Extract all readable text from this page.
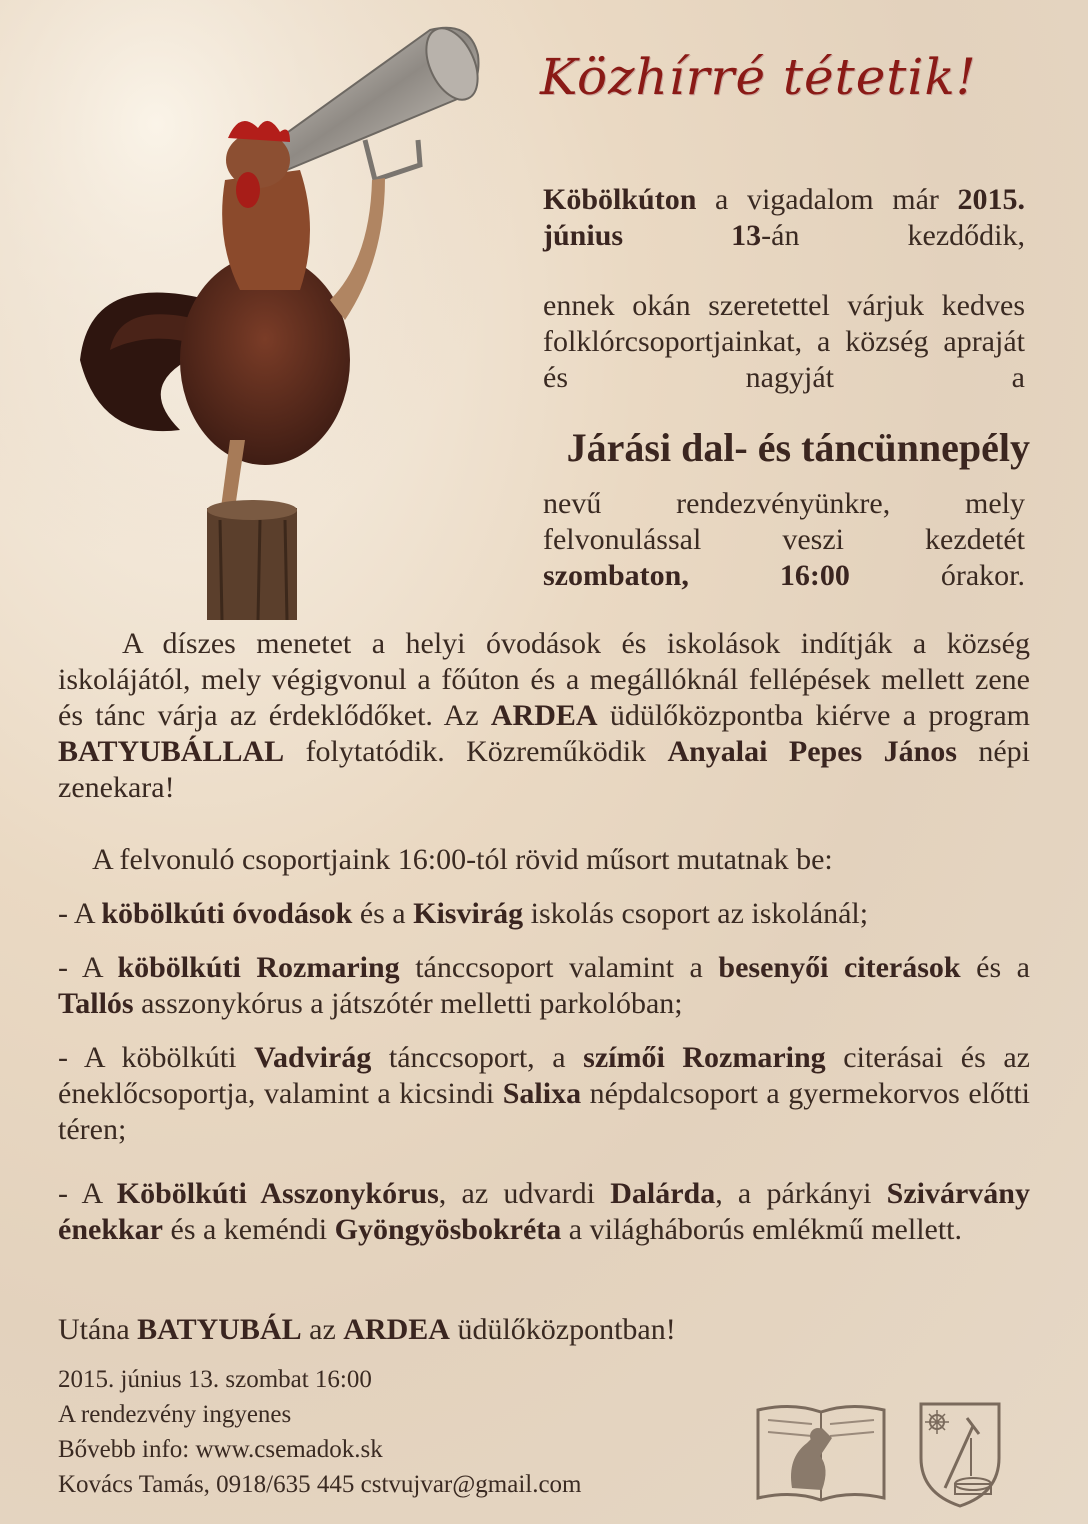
Közhírré tétetik!
Köbölkúton a vigadalom már 2015. június 13-án kezdődik,
ennek okán szeretettel várjuk kedves folklórcsoportjainkat, a község apraját és nagyját a
Járási dal- és táncünnepély
nevű rendezvényünkre, mely felvonulással veszi kezdetét szombaton, 16:00 órakor.
A díszes menetet a helyi óvodások és iskolások indítják a község iskolájától, mely végigvonul a főúton és a megállóknál fellépések mellett zene és tánc várja az érdeklődőket. Az ARDEA üdülőközpontba kiérve a program BATYUBÁLLAL folytatódik. Közreműködik Anyalai Pepes János népi zenekara!
A felvonuló csoportjaink 16:00-tól rövid műsort mutatnak be:
- A köbölkúti óvodások és a Kisvirág iskolás csoport az iskolánál;
- A köbölkúti Rozmaring tánccsoport valamint a besenyői citerások és a Tallós asszonykórus a játszótér melletti parkolóban;
- A köbölkúti Vadvirág tánccsoport, a szímői Rozmaring citerásai és az éneklőcsoportja, valamint a kicsindi Salixa népdalcsoport a gyermekorvos előtti téren;
- A Köbölkúti Asszonykórus, az udvardi Dalárda, a párkányi Szivárvány énekkar és a keméndi Gyöngyösbokréta a világháborús emlékmű mellett.
Utána BATYUBÁL az ARDEA üdülőközpontban!
2015. június 13. szombat 16:00
A rendezvény ingyenes
Bővebb info: www.csemadok.sk
Kovács Tamás, 0918/635 445 cstvujvar@gmail.com
